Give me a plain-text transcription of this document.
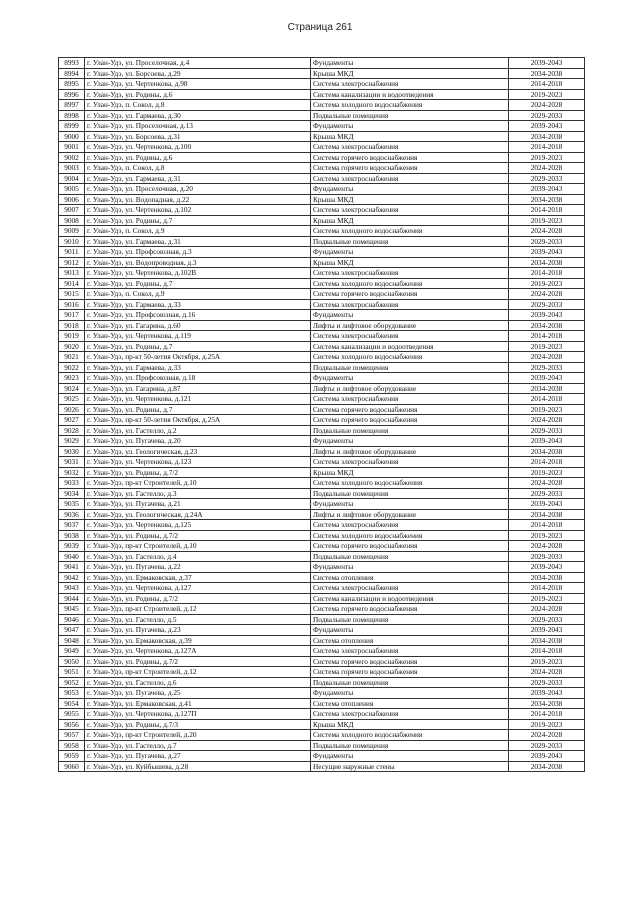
Страница 261
8993	г. Улан-Удэ, ул. Проселочная, д.4	Фундаменты	2039-2043
8994	г. Улан-Удэ, ул. Борсоева, д.29	Крыша МКД	2034-2038
8995	г. Улан-Удэ, ул. Чертенкова, д.98	Система электроснабжения	2014-2018
8996	г. Улан-Удэ, ул. Родины, д.6	Система канализации и водоотведения	2019-2023
8997	г. Улан-Удэ, п. Сокол, д.8	Система холодного водоснабжения	2024-2028
8998	г. Улан-Удэ, ул. Гармаева, д.30	Подвальные помещения	2029-2033
8999	г. Улан-Удэ, ул. Проселочная, д.13	Фундаменты	2039-2043
9000	г. Улан-Удэ, ул. Борсоева, д.31	Крыша МКД	2034-2038
9001	г. Улан-Удэ, ул. Чертенкова, д.100	Система электроснабжения	2014-2018
9002	г. Улан-Удэ, ул. Родины, д.6	Система горячего водоснабжения	2019-2023
9003	г. Улан-Удэ, п. Сокол, д.8	Система горячего водоснабжения	2024-2028
9004	г. Улан-Удэ, ул. Гармаева, д.31	Система электроснабжения	2029-2033
9005	г. Улан-Удэ, ул. Проселочная, д.20	Фундаменты	2039-2043
9006	г. Улан-Удэ, ул. Водопадная, д.22	Крыша МКД	2034-2038
9007	г. Улан-Удэ, ул. Чертенкова, д.102	Система электроснабжения	2014-2018
9008	г. Улан-Удэ, ул. Родины, д.7	Крыша МКД	2019-2023
9009	г. Улан-Удэ, п. Сокол, д.9	Система холодного водоснабжения	2024-2028
9010	г. Улан-Удэ, ул. Гармаева, д.31	Подвальные помещения	2029-2033
9011	г. Улан-Удэ, ул. Профсоюзная, д.3	Фундаменты	2039-2043
9012	г. Улан-Удэ, ул. Водопроводная, д.3	Крыша МКД	2034-2038
9013	г. Улан-Удэ, ул. Чертенкова, д.102В	Система электроснабжения	2014-2018
9014	г. Улан-Удэ, ул. Родины, д.7	Система холодного водоснабжения	2019-2023
9015	г. Улан-Удэ, п. Сокол, д.9	Система горячего водоснабжения	2024-2028
9016	г. Улан-Удэ, ул. Гармаева, д.33	Система электроснабжения	2029-2033
9017	г. Улан-Удэ, ул. Профсоюзная, д.16	Фундаменты	2039-2043
9018	г. Улан-Удэ, ул. Гагарина, д.60	Лифты и лифтовое оборудование	2034-2038
9019	г. Улан-Удэ, ул. Чертенкова, д.119	Система электроснабжения	2014-2018
9020	г. Улан-Удэ, ул. Родины, д.7	Система канализации и водоотведения	2019-2023
9021	г. Улан-Удэ, пр-кт 50-летия Октября, д.25А	Система холодного водоснабжения	2024-2028
9022	г. Улан-Удэ, ул. Гармаева, д.33	Подвальные помещения	2029-2033
9023	г. Улан-Удэ, ул. Профсоюзная, д.18	Фундаменты	2039-2043
9024	г. Улан-Удэ, ул. Гагарина, д.87	Лифты и лифтовое оборудование	2034-2038
9025	г. Улан-Удэ, ул. Чертенкова, д.121	Система электроснабжения	2014-2018
9026	г. Улан-Удэ, ул. Родины, д.7	Система горячего водоснабжения	2019-2023
9027	г. Улан-Удэ, пр-кт 50-летия Октября, д.25А	Система горячего водоснабжения	2024-2028
9028	г. Улан-Удэ, ул. Гастелло, д.2	Подвальные помещения	2029-2033
9029	г. Улан-Удэ, ул. Пугачева, д.20	Фундаменты	2039-2043
9030	г. Улан-Удэ, ул. Геологическая, д.23	Лифты и лифтовое оборудование	2034-2038
9031	г. Улан-Удэ, ул. Чертенкова, д.123	Система электроснабжения	2014-2018
9032	г. Улан-Удэ, ул. Родины, д.7/2	Крыша МКД	2019-2023
9033	г. Улан-Удэ, пр-кт Строителей, д.10	Система холодного водоснабжения	2024-2028
9034	г. Улан-Удэ, ул. Гастелло, д.3	Подвальные помещения	2029-2033
9035	г. Улан-Удэ, ул. Пугачева, д.21	Фундаменты	2039-2043
9036	г. Улан-Удэ, ул. Геологическая, д.24А	Лифты и лифтовое оборудование	2034-2038
9037	г. Улан-Удэ, ул. Чертенкова, д.125	Система электроснабжения	2014-2018
9038	г. Улан-Удэ, ул. Родины, д.7/2	Система холодного водоснабжения	2019-2023
9039	г. Улан-Удэ, пр-кт Строителей, д.10	Система горячего водоснабжения	2024-2028
9040	г. Улан-Удэ, ул. Гастелло, д.4	Подвальные помещения	2029-2033
9041	г. Улан-Удэ, ул. Пугачева, д.22	Фундаменты	2039-2043
9042	г. Улан-Удэ, ул. Ермаковская, д.37	Система отопления	2034-2038
9043	г. Улан-Удэ, ул. Чертенкова, д.127	Система электроснабжения	2014-2018
9044	г. Улан-Удэ, ул. Родины, д.7/2	Система канализации и водоотведения	2019-2023
9045	г. Улан-Удэ, пр-кт Строителей, д.12	Система горячего водоснабжения	2024-2028
9046	г. Улан-Удэ, ул. Гастелло, д.5	Подвальные помещения	2029-2033
9047	г. Улан-Удэ, ул. Пугачева, д.23	Фундаменты	2039-2043
9048	г. Улан-Удэ, ул. Ермаковская, д.39	Система отопления	2034-2038
9049	г. Улан-Удэ, ул. Чертенкова, д.127А	Система электроснабжения	2014-2018
9050	г. Улан-Удэ, ул. Родины, д.7/2	Система горячего водоснабжения	2019-2023
9051	г. Улан-Удэ, пр-кт Строителей, д.12	Система горячего водоснабжения	2024-2028
9052	г. Улан-Удэ, ул. Гастелло, д.6	Подвальные помещения	2029-2033
9053	г. Улан-Удэ, ул. Пугачева, д.25	Фундаменты	2039-2043
9054	г. Улан-Удэ, ул. Ермаковская, д.41	Система отопления	2034-2038
9055	г. Улан-Удэ, ул. Чертенкова, д.127П	Система электроснабжения	2014-2018
9056	г. Улан-Удэ, ул. Родины, д.7/3	Крыша МКД	2019-2023
9057	г. Улан-Удэ, пр-кт Строителей, д.20	Система холодного водоснабжения	2024-2028
9058	г. Улан-Удэ, ул. Гастелло, д.7	Подвальные помещения	2029-2033
9059	г. Улан-Удэ, ул. Пугачева, д.27	Фундаменты	2039-2043
9060	г. Улан-Удэ, ул. Куйбышева, д.28	Несущие наружные стены	2034-2038
